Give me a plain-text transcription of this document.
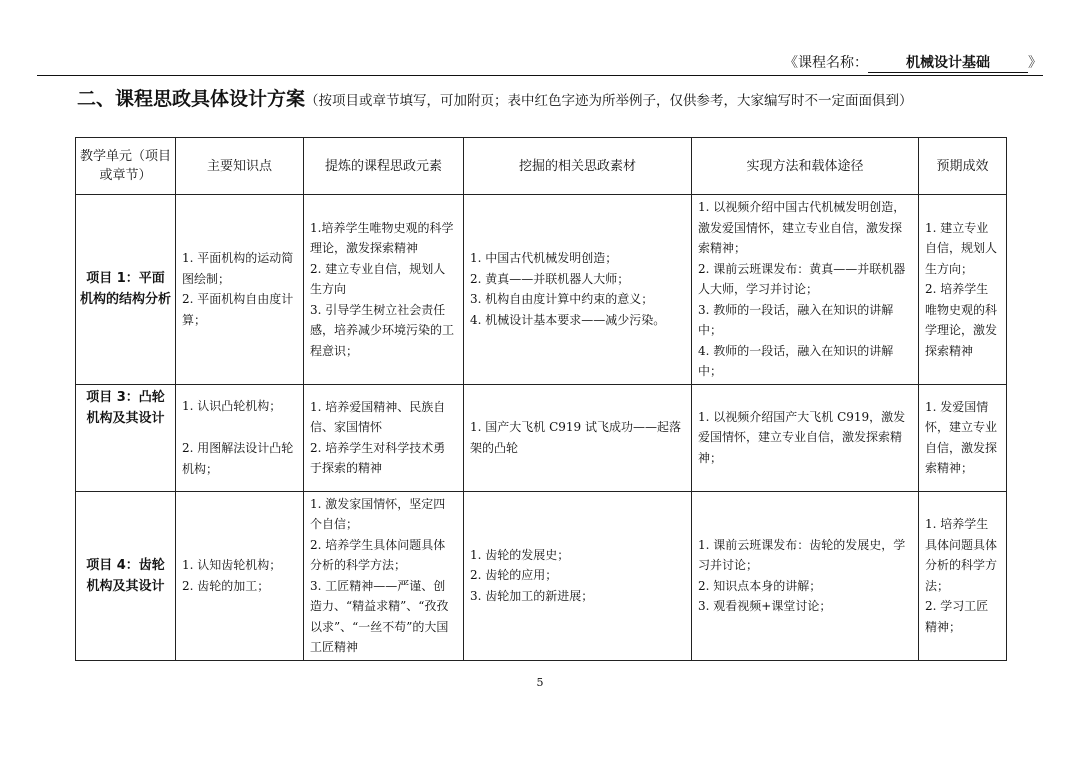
《课程名称：	机械设计基础	》
二、课程思政具体设计方案（按项目或章节填写，可加附页；表中红色字迹为所举例子，仅供参考，大家编写时不一定面面俱到）
教学单元（项目或章节）	主要知识点	提炼的课程思政元素	挖掘的相关思政素材	实现方法和载体途径	预期成效
项目 1：平面机构的结构分析	1. 平面机构的运动简图绘制；
2. 平面机构自由度计算；	1.培养学生唯物史观的科学理论，激发探索精神
2. 建立专业自信，规划人生方向
3. 引导学生树立社会责任感，培养减少环境污染的工程意识；	1. 中国古代机械发明创造；
2. 黄真——并联机器人大师；
3. 机构自由度计算中约束的意义；
4. 机械设计基本要求——减少污染。	1. 以视频介绍中国古代机械发明创造，激发爱国情怀，建立专业自信，激发探索精神；
2. 课前云班课发布：黄真——并联机器人大师，学习并讨论；
3. 教师的一段话，融入在知识的讲解中；
4. 教师的一段话，融入在知识的讲解中；	1. 建立专业自信，规划人生方向；
2. 培养学生唯物史观的科学理论，激发探索精神

项目 3：凸轮机构及其设计	1. 认识凸轮机构；
2. 用图解法设计凸轮机构；	1. 培养爱国精神、民族自信、家国情怀
2. 培养学生对科学技术勇于探索的精神	1. 国产大飞机 C919 试飞成功——起落架的凸轮	1. 以视频介绍国产大飞机 C919，激发爱国情怀，建立专业自信，激发探索精神；	1. 发爱国情怀，建立专业自信，激发探索精神；

项目 4：齿轮机构及其设计	1. 认知齿轮机构；
2. 齿轮的加工；	1. 激发家国情怀，坚定四个自信；
2. 培养学生具体问题具体分析的科学方法；
3. 工匠精神——严谨、创造力、“精益求精”、“孜孜以求”、“一丝不苟”的大国工匠精神	1. 齿轮的发展史；
2. 齿轮的应用；
3. 齿轮加工的新进展；	1. 课前云班课发布：齿轮的发展史，学习并讨论；
2. 知识点本身的讲解；
3. 观看视频+课堂讨论；	1. 培养学生具体问题具体分析的科学方法；
2. 学习工匠精神；
5
